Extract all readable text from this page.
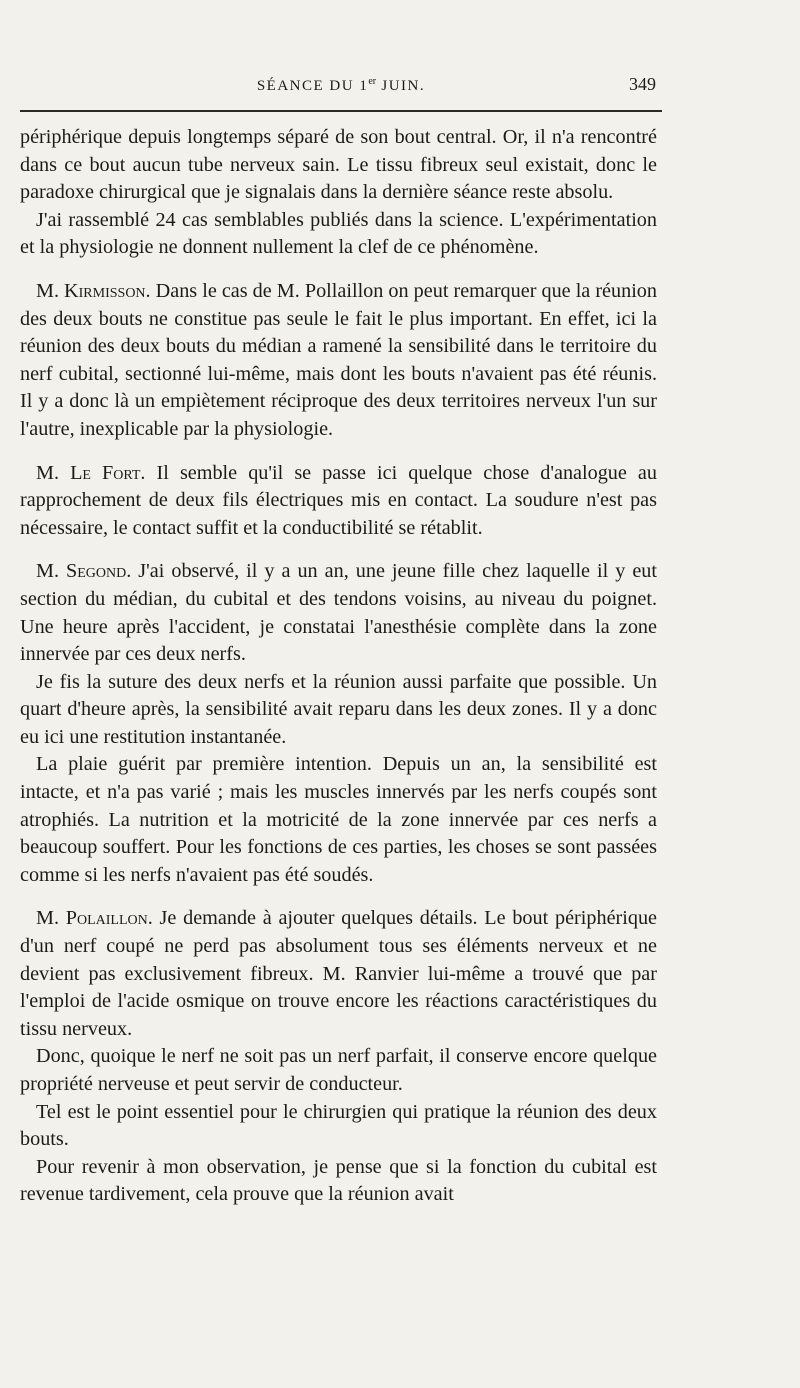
SÉANCE DU 1er JUIN.	349

périphérique depuis longtemps séparé de son bout central. Or, il n'a rencontré dans ce bout aucun tube nerveux sain. Le tissu fibreux seul existait, donc le paradoxe chirurgical que je signalais dans la dernière séance reste absolu.

J'ai rassemblé 24 cas semblables publiés dans la science. L'expérimentation et la physiologie ne donnent nullement la clef de ce phénomène.

M. Kirmisson. Dans le cas de M. Pollaillon on peut remarquer que la réunion des deux bouts ne constitue pas seule le fait le plus important. En effet, ici la réunion des deux bouts du médian a ramené la sensibilité dans le territoire du nerf cubital, sectionné lui-même, mais dont les bouts n'avaient pas été réunis. Il y a donc là un empiètement réciproque des deux territoires nerveux l'un sur l'autre, inexplicable par la physiologie.

M. Le Fort. Il semble qu'il se passe ici quelque chose d'analogue au rapprochement de deux fils électriques mis en contact. La soudure n'est pas nécessaire, le contact suffit et la conductibilité se rétablit.

M. Segond. J'ai observé, il y a un an, une jeune fille chez laquelle il y eut section du médian, du cubital et des tendons voisins, au niveau du poignet. Une heure après l'accident, je constatai l'anesthésie complète dans la zone innervée par ces deux nerfs.

Je fis la suture des deux nerfs et la réunion aussi parfaite que possible. Un quart d'heure après, la sensibilité avait reparu dans les deux zones. Il y a donc eu ici une restitution instantanée.

La plaie guérit par première intention. Depuis un an, la sensibilité est intacte, et n'a pas varié ; mais les muscles innervés par les nerfs coupés sont atrophiés. La nutrition et la motricité de la zone innervée par ces nerfs a beaucoup souffert. Pour les fonctions de ces parties, les choses se sont passées comme si les nerfs n'avaient pas été soudés.

M. Polaillon. Je demande à ajouter quelques détails. Le bout périphérique d'un nerf coupé ne perd pas absolument tous ses éléments nerveux et ne devient pas exclusivement fibreux. M. Ranvier lui-même a trouvé que par l'emploi de l'acide osmique on trouve encore les réactions caractéristiques du tissu nerveux.

Donc, quoique le nerf ne soit pas un nerf parfait, il conserve encore quelque propriété nerveuse et peut servir de conducteur.

Tel est le point essentiel pour le chirurgien qui pratique la réunion des deux bouts.

Pour revenir à mon observation, je pense que si la fonction du cubital est revenue tardivement, cela prouve que la réunion avait
